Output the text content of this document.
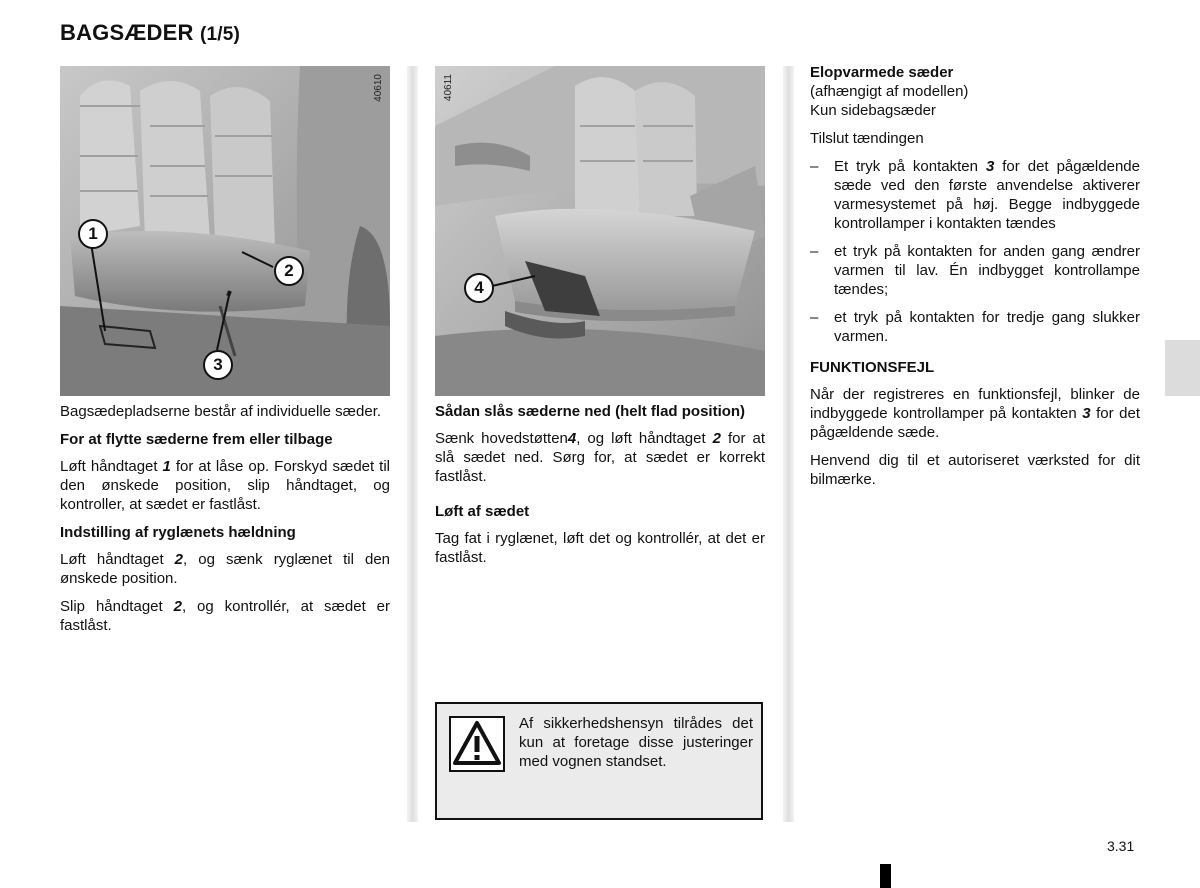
BAGSÆDER (1/5)
1
2
3
40610
4
40611

Bagsædepladserne består af individuelle sæder.

For at flytte sæderne frem eller tilbage

Løft håndtaget 1 for at låse op. Forskyd sædet til den ønskede position, slip håndtaget, og kontroller, at sædet er fastlåst.

Indstilling af ryglænets hældning

Løft håndtaget 2, og sænk ryglænet til den ønskede position.

Slip håndtaget 2, og kontrollér, at sædet er fastlåst.

Sådan slås sæderne ned (helt flad position)

Sænk hovedstøtten4, og løft håndtaget 2 for at slå sædet ned. Sørg for, at sædet er korrekt fastlåst.

Løft af sædet

Tag fat i ryglænet, løft det og kontrollér, at det er fastlåst.

Af sikkerhedshensyn tilrådes det kun at foretage disse justeringer med vognen standset.
Elopvarmede sæder
(afhængigt af modellen)
Kun sidebagsæder

Tilslut tændingen

– Et tryk på kontakten 3 for det pågældende sæde ved den første anvendelse aktiverer varmesystemet på høj. Begge indbyggede kontrollamper i kontakten tændes
– et tryk på kontakten for anden gang ændrer varmen til lav. Én indbygget kontrollampe tændes;
– et tryk på kontakten for tredje gang slukker varmen.
FUNKTIONSFEJL

Når der registreres en funktionsfejl, blinker de indbyggede kontrollamper på kontakten 3 for det pågældende sæde.

Henvend dig til et autoriseret værksted for dit bilmærke.

3.31
